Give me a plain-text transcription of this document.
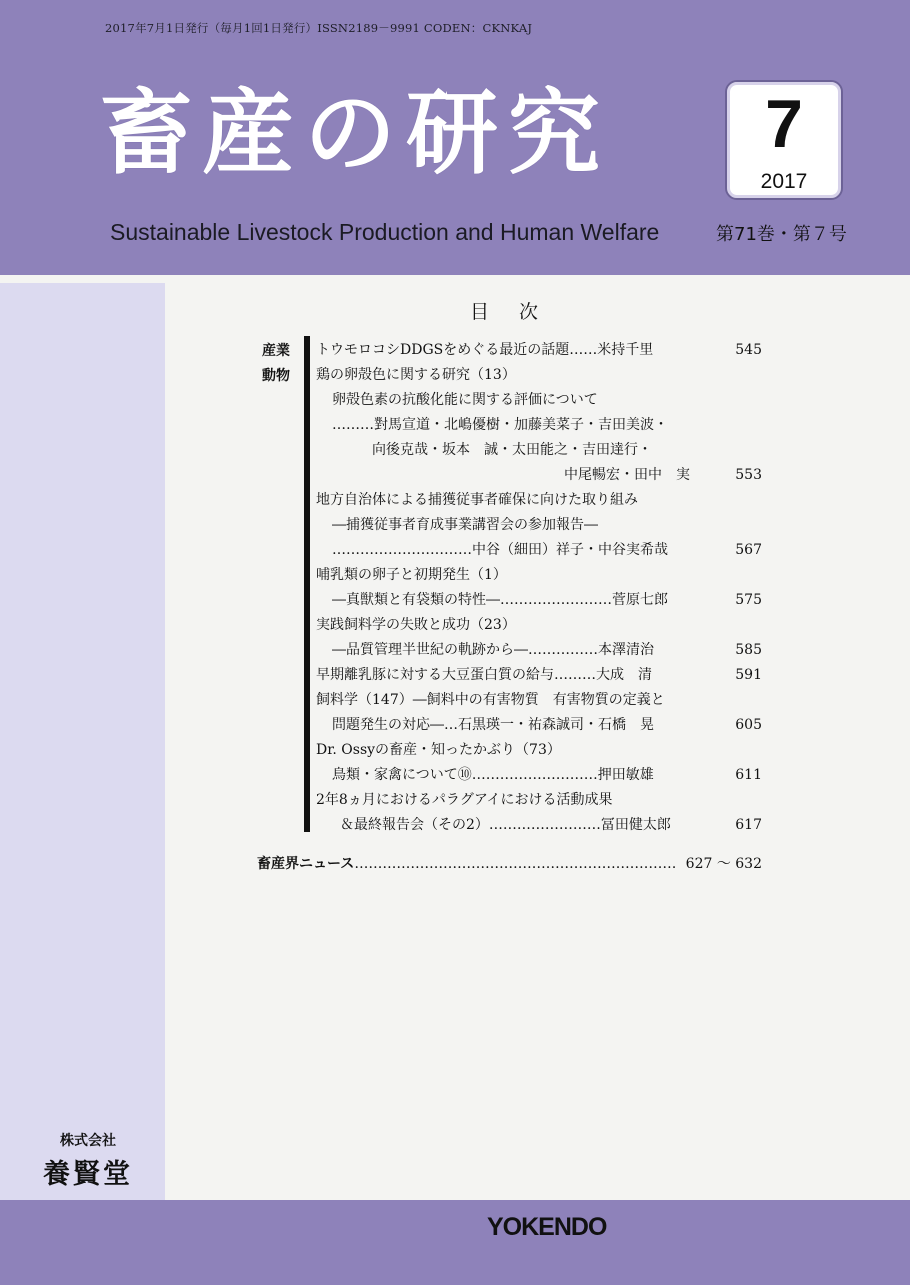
2017年7月1日発行（毎月1回1日発行）ISSN2189－9991 CODEN：CKNKAJ
畜産の研究
Sustainable Livestock Production and Human Welfare
7
2017
第71巻・第７号
目次
産業
動物
トウモロコシDDGSをめぐる最近の話題……米持千里	545
鶏の卵殻色に関する研究（13）
卵殻色素の抗酸化能に関する評価について
………對馬宣道・北嶋優樹・加藤美菜子・吉田美波・
向後克哉・坂本　誠・太田能之・吉田達行・
中尾暢宏・田中　実	553
地方自治体による捕獲従事者確保に向けた取り組み
―捕獲従事者育成事業講習会の参加報告―
…………………………中谷（細田）祥子・中谷実希哉	567
哺乳類の卵子と初期発生（1）
―真獣類と有袋類の特性―……………………菅原七郎	575
実践飼料学の失敗と成功（23）
―品質管理半世紀の軌跡から―……………本澤清治	585
早期離乳豚に対する大豆蛋白質の給与………大成　清	591
飼料学（147）―飼料中の有害物質　有害物質の定義と
問題発生の対応―…石黒瑛一・祐森誠司・石橋　晃	605
Dr. Ossyの畜産・知ったかぶり（73）
鳥類・家禽について⑩………………………押田敏雄	611
2年8ヵ月におけるパラグアイにおける活動成果
＆最終報告会（その2）……………………冨田健太郎	617
畜産界ニュース…………………………………………………………… 627 ～ 632
株式会社
養賢堂
YOKENDO
